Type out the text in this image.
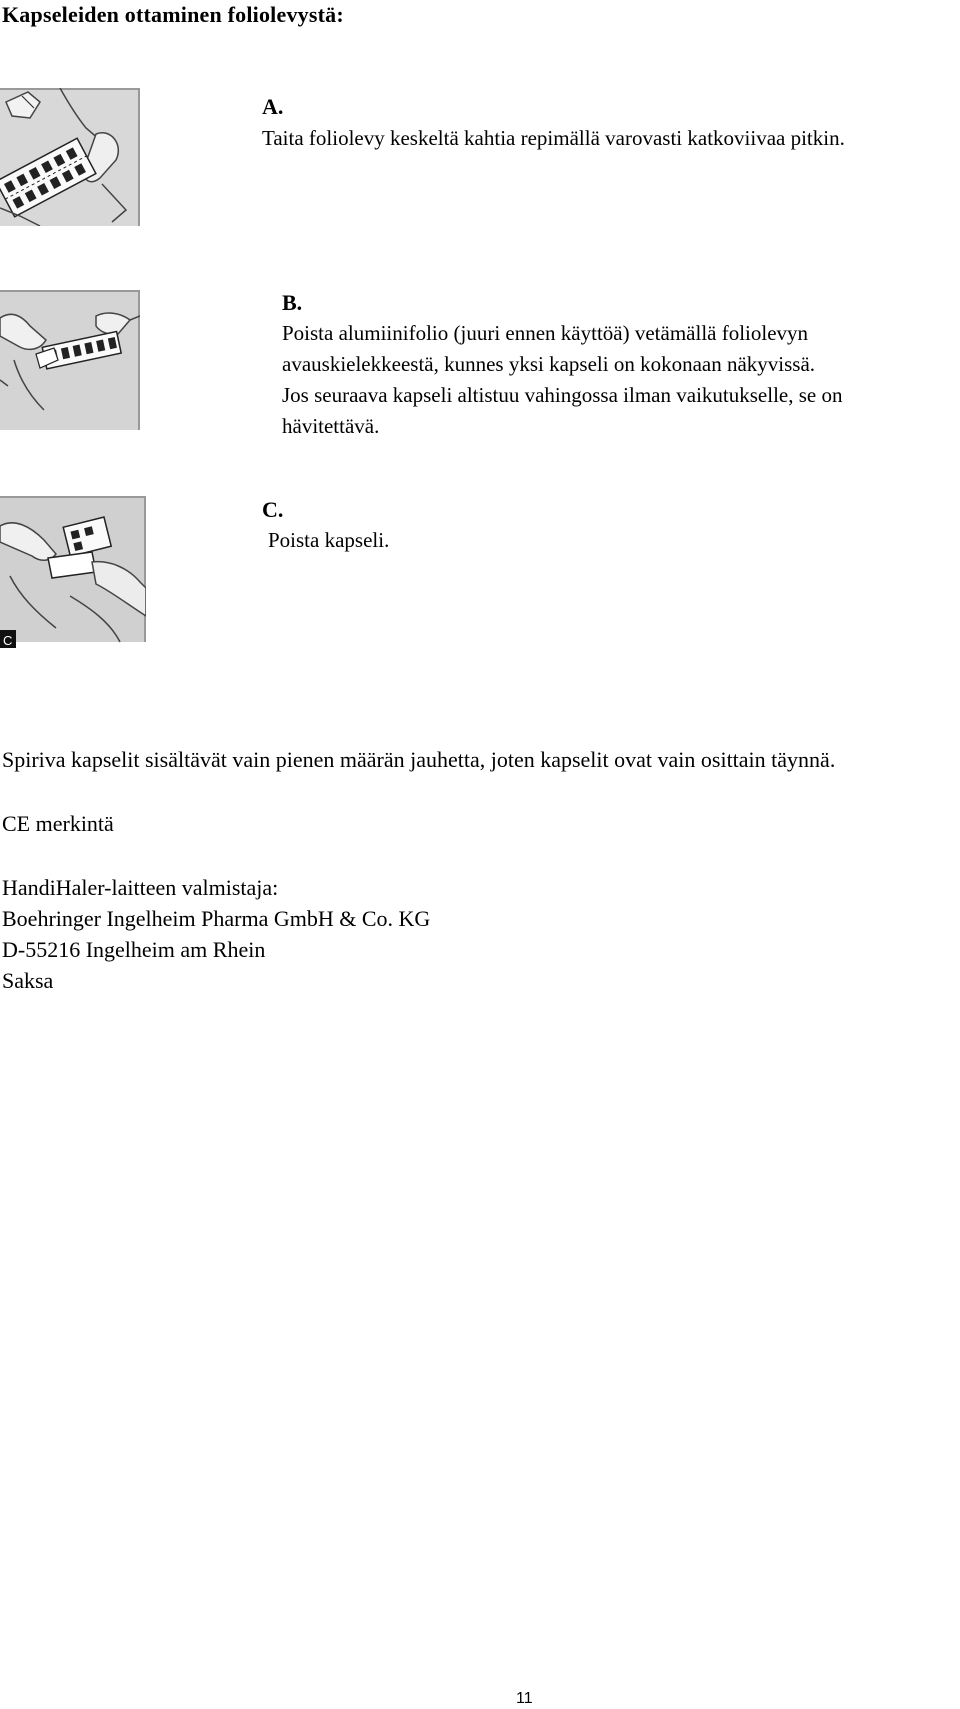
Kapseleiden ottaminen foliolevystä:
A.
Taita foliolevy keskeltä kahtia repimällä varovasti katkoviivaa pitkin.
B.
Poista alumiinifolio (juuri ennen käyttöä) vetämällä foliolevyn
avauskielekkeestä, kunnes yksi kapseli on kokonaan näkyvissä.
Jos seuraava kapseli altistuu vahingossa ilman vaikutukselle, se on
hävitettävä.
C
C.
Poista kapseli.
Spiriva kapselit sisältävät vain pienen määrän jauhetta, joten kapselit ovat vain osittain täynnä.
CE merkintä
HandiHaler-laitteen valmistaja:
Boehringer Ingelheim Pharma GmbH & Co. KG
D-55216 Ingelheim am Rhein
Saksa
11
